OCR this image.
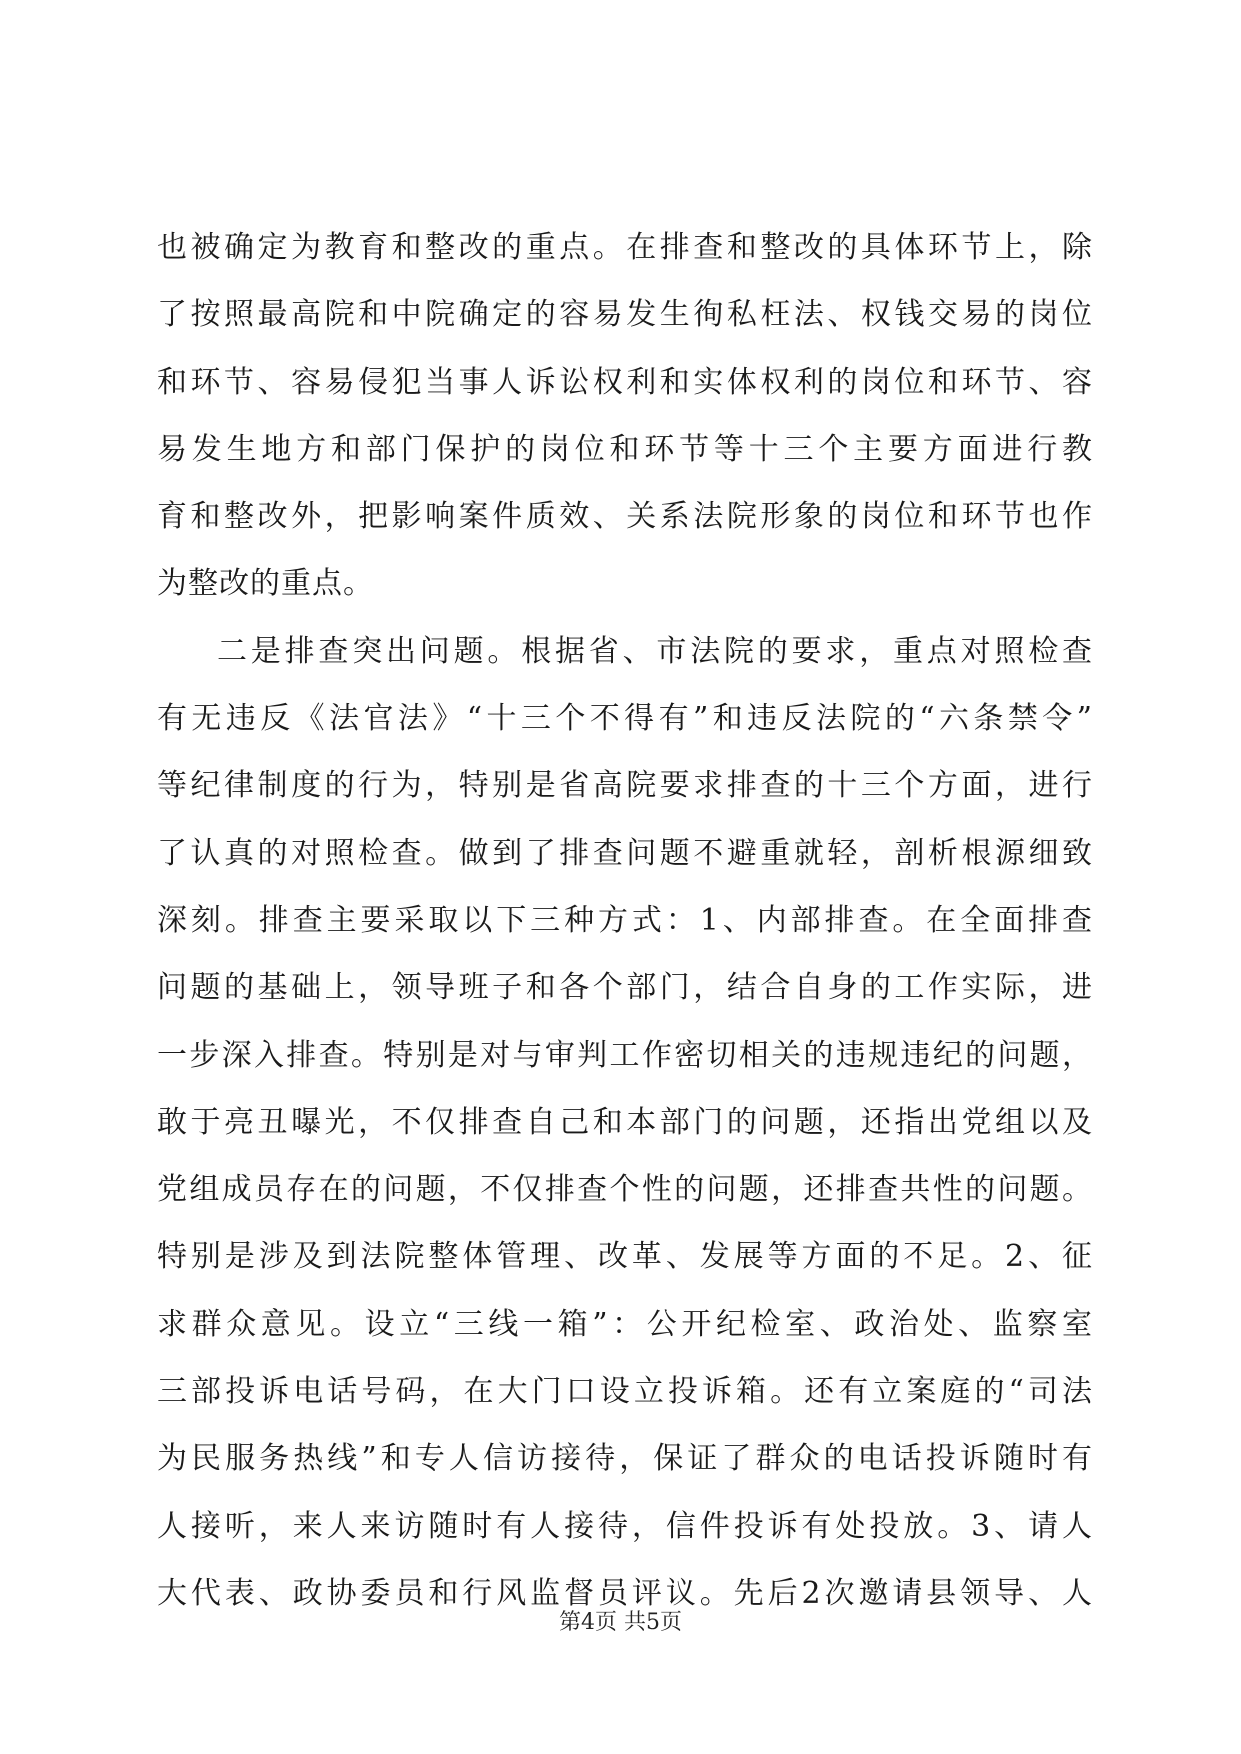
也被确定为教育和整改的重点。在排查和整改的具体环节上，除
了按照最高院和中院确定的容易发生徇私枉法、权钱交易的岗位
和环节、容易侵犯当事人诉讼权利和实体权利的岗位和环节、容
易发生地方和部门保护的岗位和环节等十三个主要方面进行教
育和整改外，把影响案件质效、关系法院形象的岗位和环节也作
为整改的重点。
二是排查突出问题。根据省、市法院的要求，重点对照检查
有无违反《法官法》“十三个不得有”和违反法院的“六条禁令”
等纪律制度的行为，特别是省高院要求排查的十三个方面，进行
了认真的对照检查。做到了排查问题不避重就轻，剖析根源细致
深刻。排查主要采取以下三种方式：1、内部排查。在全面排查
问题的基础上，领导班子和各个部门，结合自身的工作实际，进
一步深入排查。特别是对与审判工作密切相关的违规违纪的问题，
敢于亮丑曝光，不仅排查自己和本部门的问题，还指出党组以及
党组成员存在的问题，不仅排查个性的问题，还排查共性的问题。
特别是涉及到法院整体管理、改革、发展等方面的不足。2、征
求群众意见。设立“三线一箱”：公开纪检室、政治处、监察室
三部投诉电话号码，在大门口设立投诉箱。还有立案庭的“司法
为民服务热线”和专人信访接待，保证了群众的电话投诉随时有
人接听，来人来访随时有人接待，信件投诉有处投放。3、请人
大代表、政协委员和行风监督员评议。先后2次邀请县领导、人
第4页 共5页
